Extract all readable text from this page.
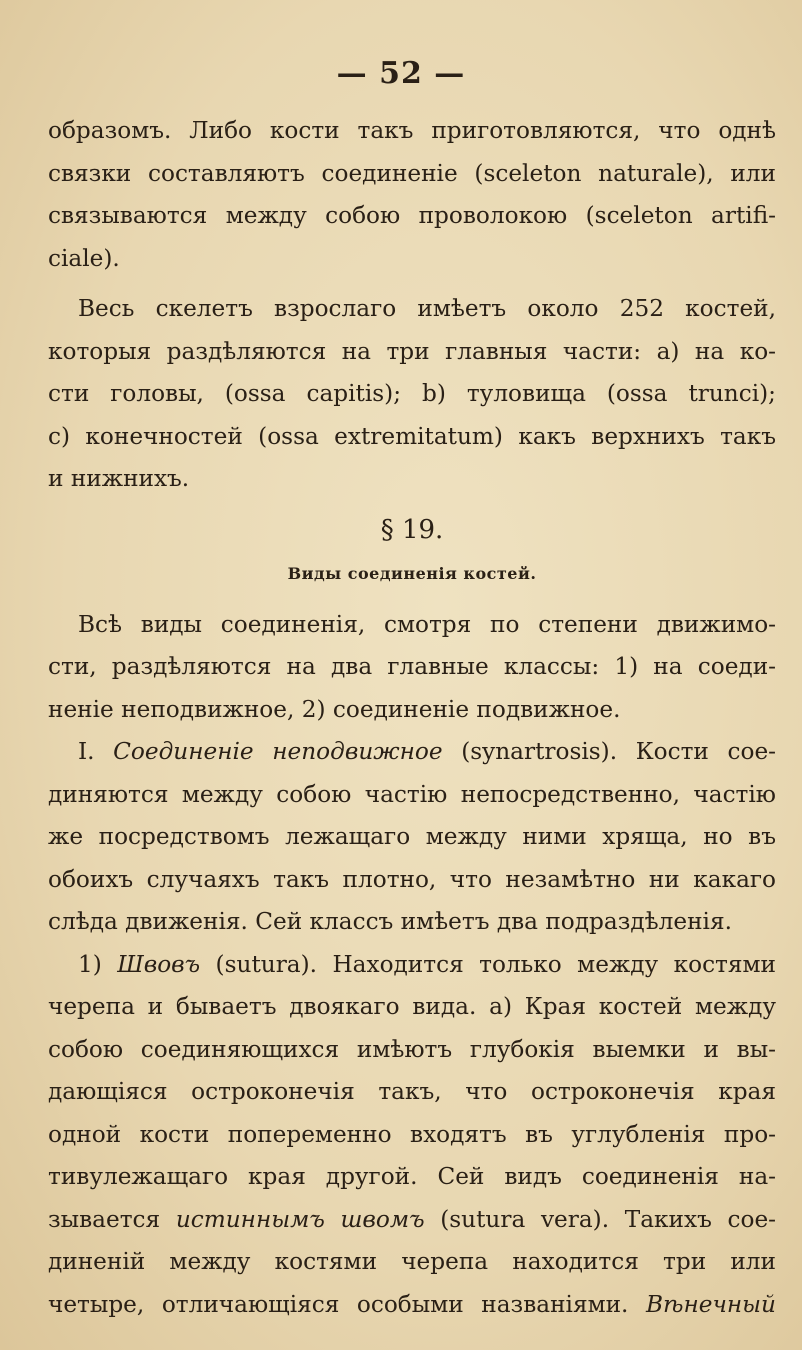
— 52 —
образомъ. Либо кости такъ приготовляются, что однѣ
связки составляютъ соединеніе (sceleton naturale), или
связываются между собою проволокою (sceleton artifi-
ciale).
Весь скелетъ взрослаго имѣетъ около 252 костей,
которыя раздѣляются на три главныя части: a) на ко-
сти головы, (ossa capitis); b) туловища (ossa trunci);
c) конечностей (ossa extremitatum) какъ верхнихъ такъ
и нижнихъ.
§ 19.
Виды соединенія костей.
Всѣ виды соединенія, смотря по степени движимо-
сти, раздѣляются на два главные классы: 1) на соеди-
неніе неподвижное, 2) соединеніе подвижное.
I. Соединеніе неподвижное (synartrosis). Кости сое-
диняются между собою частію непосредственно, частію
же посредствомъ лежащаго между ними хряща, но въ
обоихъ случаяхъ такъ плотно, что незамѣтно ни какаго
слѣда движенія. Сей классъ имѣетъ два подраздѣленія.
1) Швовъ (sutura). Находится только между костями
черепа и бываетъ двоякаго вида. a) Края костей между
собою соединяющихся имѣютъ глубокія выемки и вы-
дающіяся остроконечія такъ, что остроконечія края
одной кости попеременно входятъ въ углубленія про-
тивулежащаго края другой. Сей видъ соединенія на-
зывается истиннымъ швомъ (sutura vera). Такихъ сое-
диненій между костями черепа находится три или
четыре, отличающіяся особыми названіями. Вѣнечный
